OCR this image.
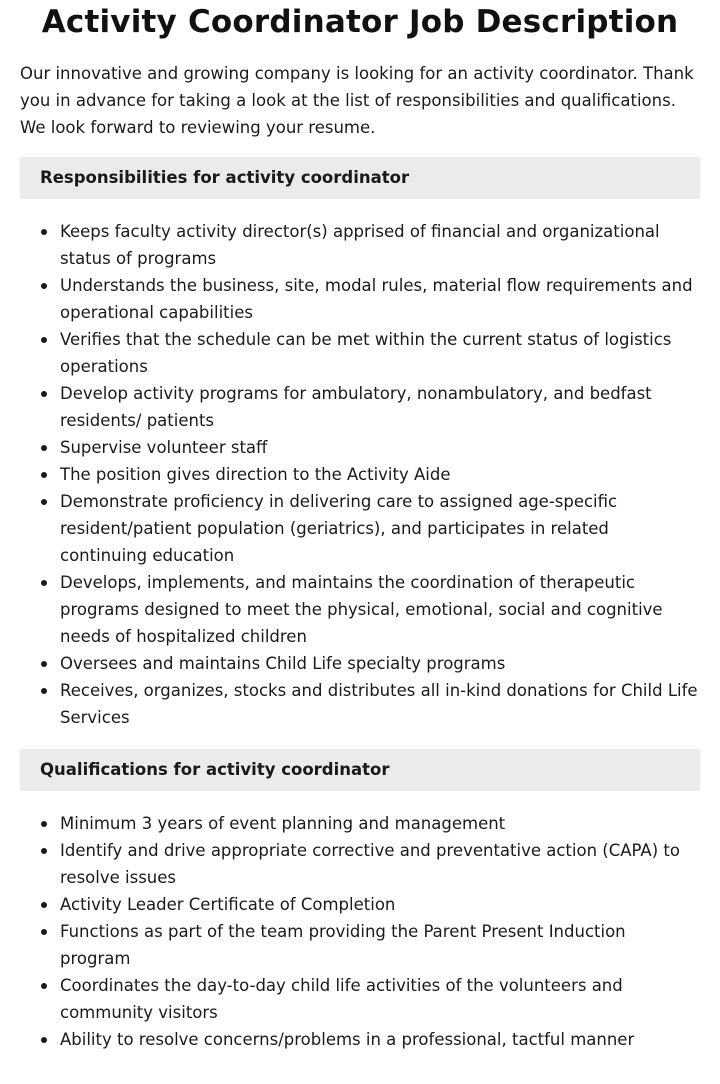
Activity Coordinator Job Description

Our innovative and growing company is looking for an activity coordinator. Thank you in advance for taking a look at the list of responsibilities and qualifications. We look forward to reviewing your resume.

Responsibilities for activity coordinator
Keeps faculty activity director(s) apprised of financial and organizational status of programs
Understands the business, site, modal rules, material flow requirements and operational capabilities
Verifies that the schedule can be met within the current status of logistics operations
Develop activity programs for ambulatory, nonambulatory, and bedfast residents/ patients
Supervise volunteer staff
The position gives direction to the Activity Aide
Demonstrate proficiency in delivering care to assigned age-specific resident/patient population (geriatrics), and participates in related continuing education
Develops, implements, and maintains the coordination of therapeutic programs designed to meet the physical, emotional, social and cognitive needs of hospitalized children
Oversees and maintains Child Life specialty programs
Receives, organizes, stocks and distributes all in-kind donations for Child Life Services
Qualifications for activity coordinator
Minimum 3 years of event planning and management
Identify and drive appropriate corrective and preventative action (CAPA) to resolve issues
Activity Leader Certificate of Completion
Functions as part of the team providing the Parent Present Induction program
Coordinates the day-to-day child life activities of the volunteers and community visitors
Ability to resolve concerns/problems in a professional, tactful manner
